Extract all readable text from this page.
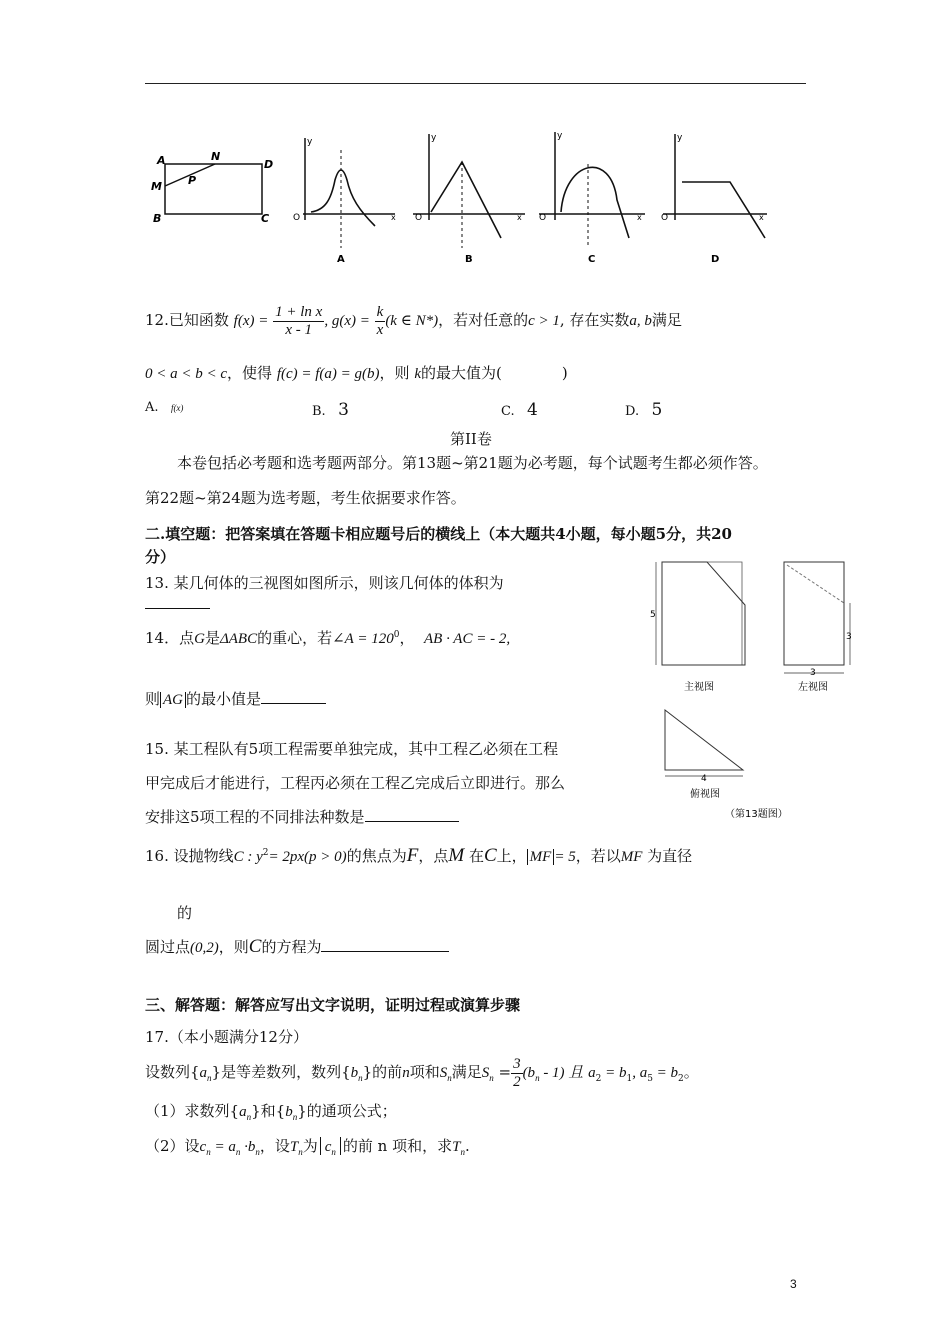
A	N
D
M P
B	C
y
O	x
A
y
O	x
B
y
O	x
C
y
O	x
D
12.已知函数 $f(x) = \frac{\text{1 + ln x}}{x - 1}$ , $g(x) = \frac{k}{x} (k$ ∈ N*)，若对任意的c > 1, 存在实数a, b满足
0 < a < b < c，使得 f(c) = f(a) = g(b)，则 k的最大值为(	)
A. f(x)	B. 3	C. 4	D. 5
第II卷
本卷包括必考题和选考题两部分。第13题~第21题为必考题，每个试题考生都必须作答。
第22题~第24题为选考题，考生依据要求作答。
二.填空题：把答案填在答题卡相应题号后的横线上（本大题共4小题，每小题5分，共20
分）
13. 某几何体的三视图如图所示，则该几何体的体积为
14．点G是ΔABC的重心，若∠A = $120^0$， AB · AC = - 2,
则 AG 的最小值是
15. 某工程队有5项工程需要单独完成，其中工程乙必须在工程
甲完成后才能进行，工程丙必须在工程乙完成后立即进行。那么
安排这5项工程的不同排法种数是
5
主视图
3
3
左视图
4
俯视图
（第13题图）
16. 设抛物线C : $y^2= 2px(p > 0)$的焦点为F，点M 在C上， MF = 5，若以MF 为直径
的
圆过点(0,2)，则C的方程为
三、解答题：解答应写出文字说明，证明过程或演算步骤
17.（本小题满分12分）
设数列$\{a_n\}$是等差数列，数列$\{b_n\}$的前n项和$S_n$满足$S_n = \frac{3}{2} (b_n - 1)$ 且 $a_2 = b_1$, $a_5 = b_2$。
（1）求数列$\{a_n\}$和$\{b_n\}$的通项公式；
（2）设$c_n = a_n \cdot b_n$，设$T_n$为 $c_n$ 的前 n 项和，求$T_n$.
3
